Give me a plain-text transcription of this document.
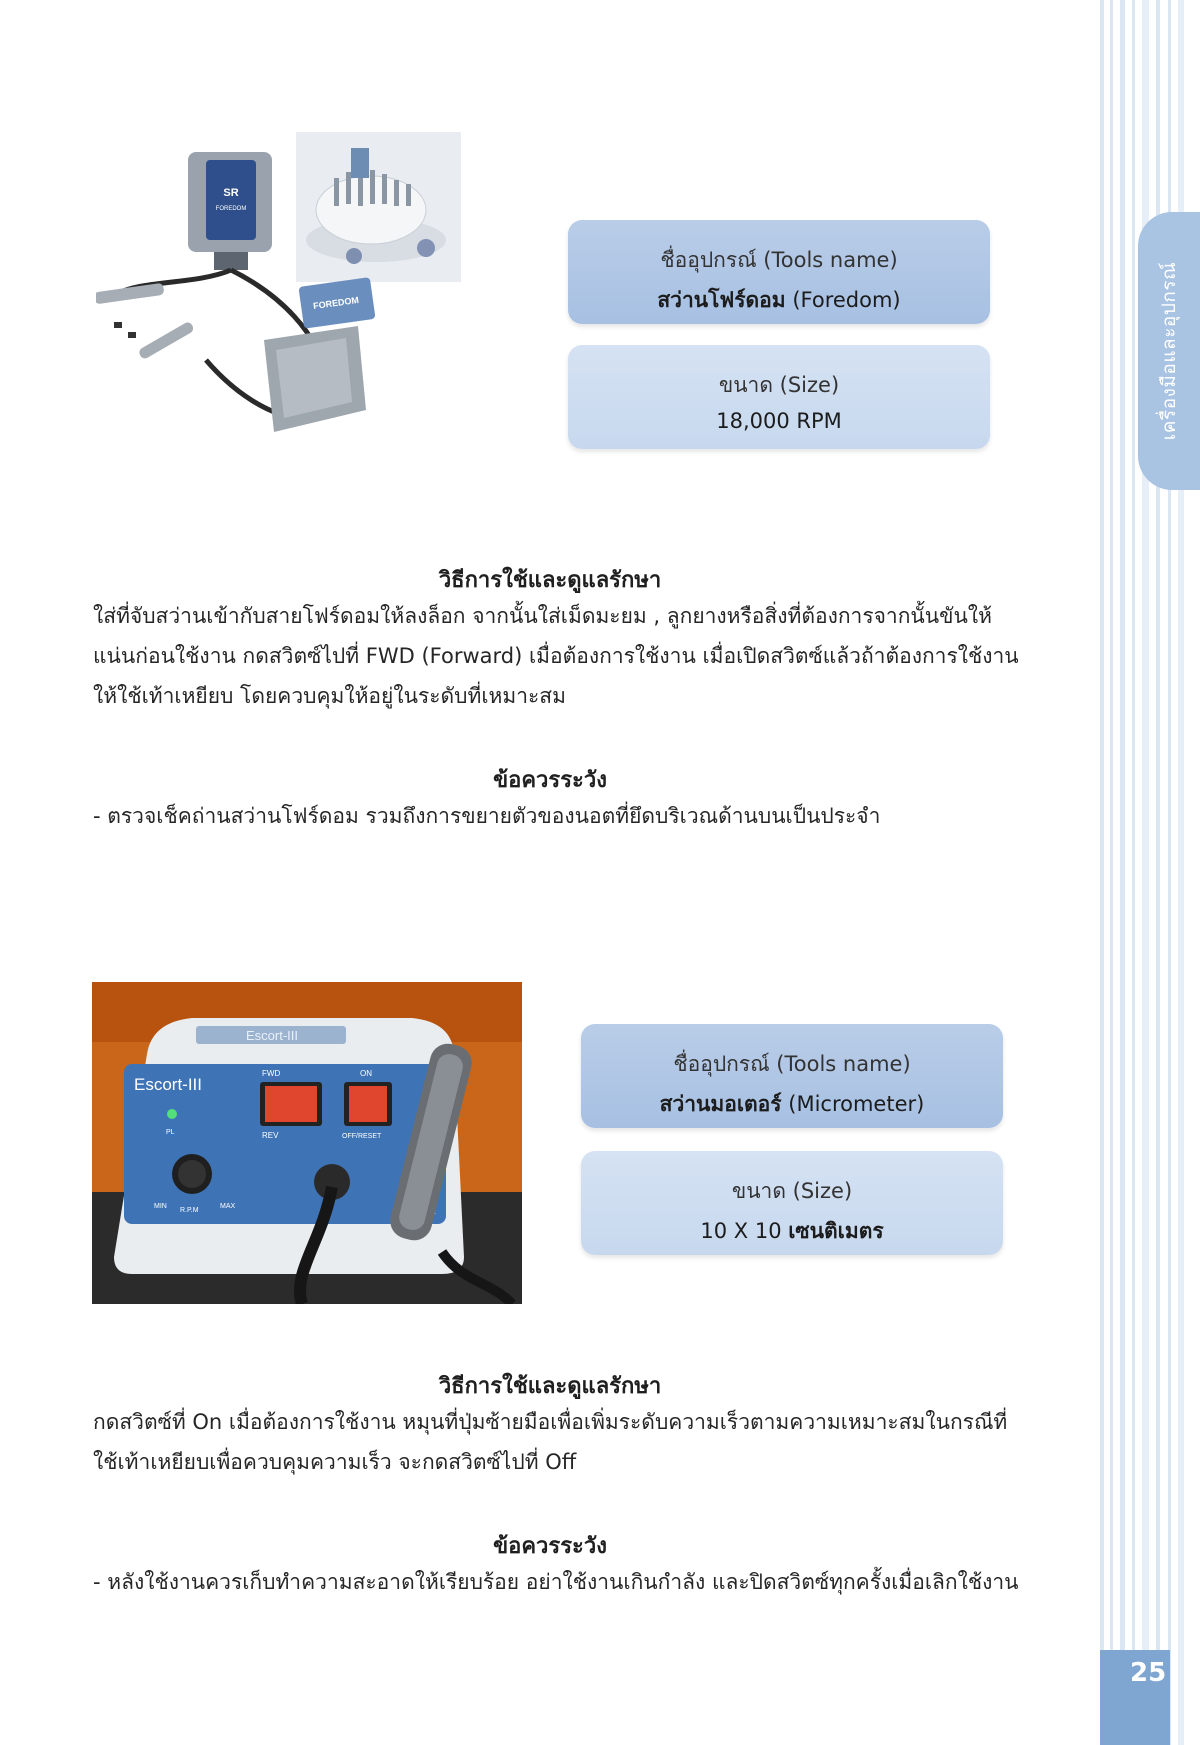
เครื่องมือและอุปกรณ์
SR
FOREDOM
FOREDOM
ชื่ออุปกรณ์ (Tools name)
สว่านโฟร์ดอม (Foredom)
ขนาด (Size)
18,000 RPM
วิธีการใช้และดูแลรักษา
ใส่ที่จับสว่านเข้ากับสายโฟร์ดอมให้ลงล็อก จากนั้นใส่เม็ดมะยม , ลูกยางหรือสิ่งที่ต้องการจากนั้นขันให้
แน่นก่อนใช้งาน กดสวิตซ์ไปที่ FWD (Forward) เมื่อต้องการใช้งาน เมื่อเปิดสวิตซ์แล้วถ้าต้องการใช้งาน
ให้ใช้เท้าเหยียบ โดยควบคุมให้อยู่ในระดับที่เหมาะสม
ข้อควรระวัง
- ตรวจเช็คถ่านสว่านโฟร์ดอม รวมถึงการขยายตัวของนอตที่ยึดบริเวณด้านบนเป็นประจำ
Escort-III
Escort-III
PL
FWD
REV
ON
OFF/RESET
MIN
R.P.M
MAX
ชื่ออุปกรณ์ (Tools name)
สว่านมอเตอร์ (Micrometer)
ขนาด (Size)
10 X 10 เซนติเมตร
วิธีการใช้และดูแลรักษา
กดสวิตซ์ที่ On เมื่อต้องการใช้งาน หมุนที่ปุ่มซ้ายมือเพื่อเพิ่มระดับความเร็วตามความเหมาะสมในกรณีที่
ใช้เท้าเหยียบเพื่อควบคุมความเร็ว จะกดสวิตซ์ไปที่ Off
ข้อควรระวัง
- หลังใช้งานควรเก็บทำความสะอาดให้เรียบร้อย อย่าใช้งานเกินกำลัง และปิดสวิตซ์ทุกครั้งเมื่อเลิกใช้งาน
25
